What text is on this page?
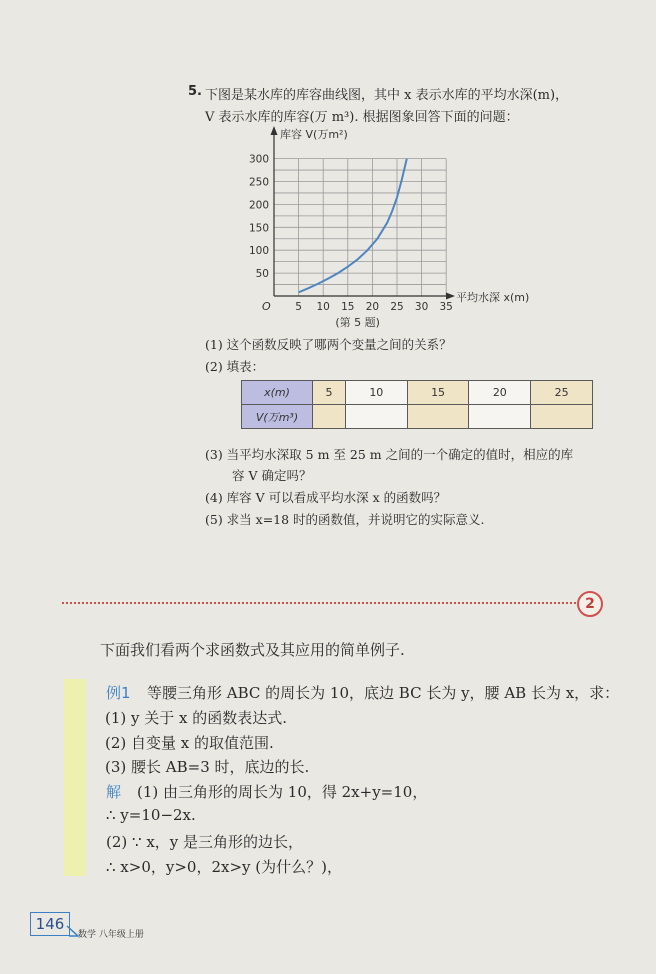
5. 下图是某水库的库容曲线图，其中 x 表示水库的平均水深(m)，
V 表示水库的库容(万 m³). 根据图象回答下面的问题：
5 10 15 20 25 30 35
50
100
150
200
250
300
库容 V(万m²)
平均水深 x(m)
O
(第 5 题)
(1) 这个函数反映了哪两个变量之间的关系？
(2) 填表：
x(m)	5	10	15	20	25
V(万m³)					
(3) 当平均水深取 5 m 至 25 m 之间的一个确定的值时，相应的库
容 V 确定吗？
(4) 库容 V 可以看成平均水深 x 的函数吗？
(5) 求当 x=18 时的函数值，并说明它的实际意义.
2
下面我们看两个求函数式及其应用的简单例子.
例1 等腰三角形 ABC 的周长为 10，底边 BC 长为 y，腰 AB 长为 x，求：
(1) y 关于 x 的函数表达式.
(2) 自变量 x 的取值范围.
(3) 腰长 AB=3 时，底边的长.
解 (1) 由三角形的周长为 10，得 2x+y=10，
∴ y=10−2x.
(2) ∵ x，y 是三角形的边长，
∴ x>0，y>0，2x>y (为什么？)，
146
数学 八年级上册
